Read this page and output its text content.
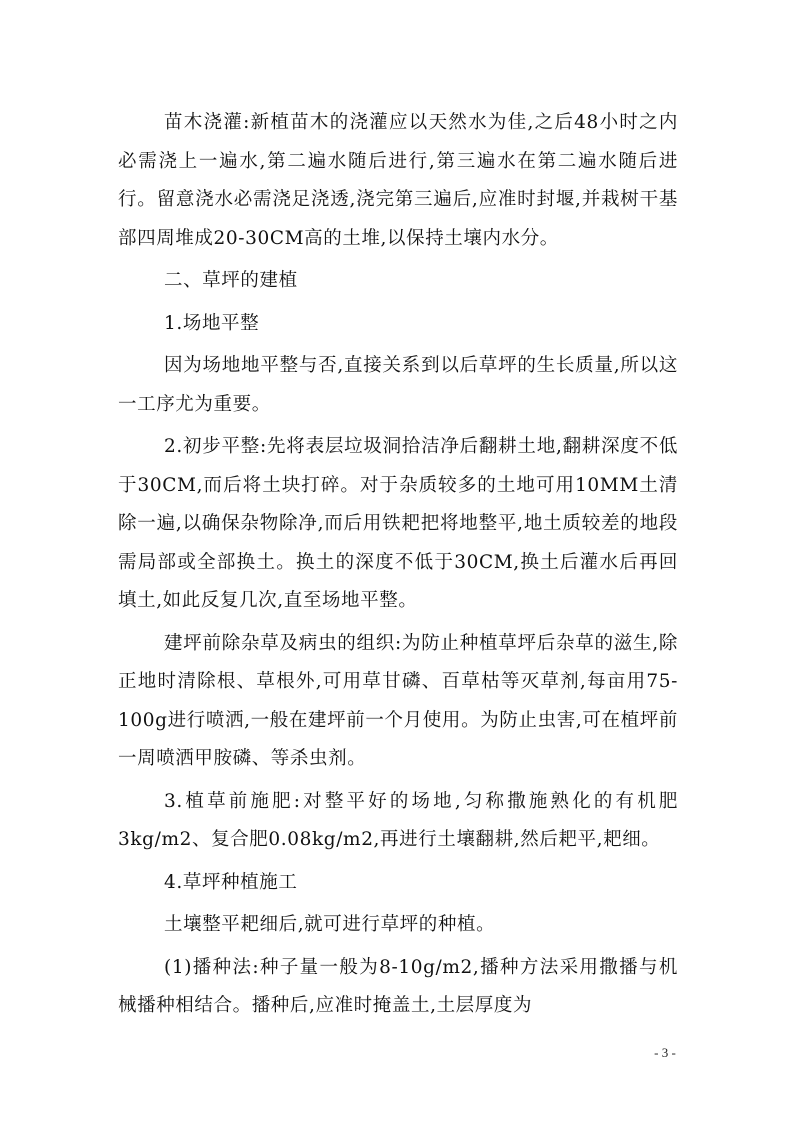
苗木浇灌:新植苗木的浇灌应以天然水为佳,之后48小时之内必需浇上一遍水,第二遍水随后进行,第三遍水在第二遍水随后进行。留意浇水必需浇足浇透,浇完第三遍后,应准时封堰,并栽树干基部四周堆成20-30CM高的土堆,以保持土壤内水分。

二、草坪的建植

1.场地平整

因为场地地平整与否,直接关系到以后草坪的生长质量,所以这一工序尤为重要。

2.初步平整:先将表层垃圾洞拾洁净后翻耕土地,翻耕深度不低于30CM,而后将土块打碎。对于杂质较多的土地可用10MM土清除一遍,以确保杂物除净,而后用铁耙把将地整平,地土质较差的地段需局部或全部换土。换土的深度不低于30CM,换土后灌水后再回填土,如此反复几次,直至场地平整。

建坪前除杂草及病虫的组织:为防止种植草坪后杂草的滋生,除正地时清除根、草根外,可用草甘磷、百草枯等灭草剂,每亩用75-100g进行喷洒,一般在建坪前一个月使用。为防止虫害,可在植坪前一周喷洒甲胺磷、等杀虫剂。

3.植草前施肥:对整平好的场地,匀称撒施熟化的有机肥3kg/m2、复合肥0.08kg/m2,再进行土壤翻耕,然后耙平,耙细。

4.草坪种植施工

土壤整平耙细后,就可进行草坪的种植。

(1)播种法:种子量一般为8-10g/m2,播种方法采用撒播与机械播种相结合。播种后,应准时掩盖土,土层厚度为

- 3 -
